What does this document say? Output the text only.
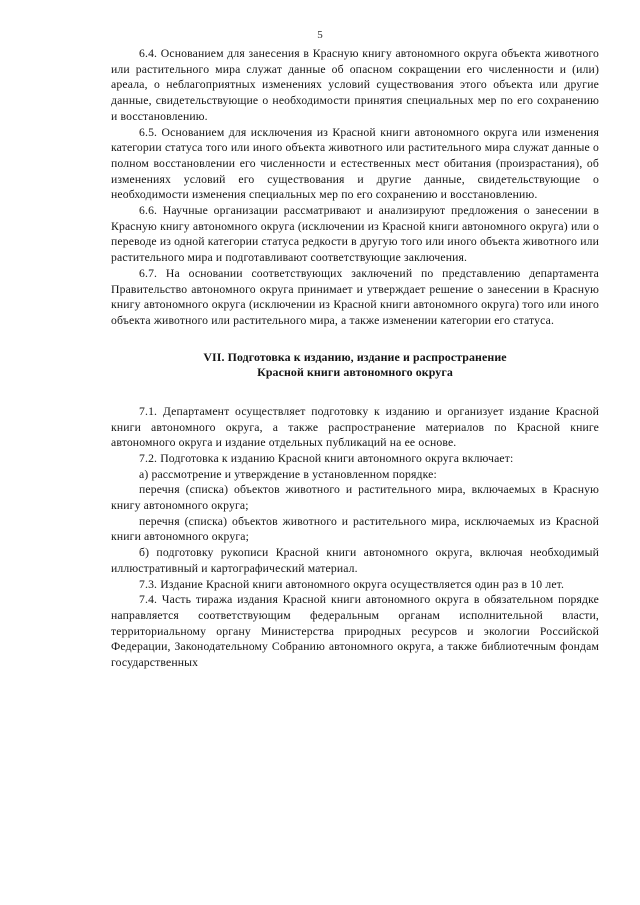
5

6.4. Основанием для занесения в Красную книгу автономного округа объекта животного или растительного мира служат данные об опасном сокращении его численности и (или) ареала, о неблагоприятных изменениях условий существования этого объекта или другие данные, свидетельствующие о необходимости принятия специальных мер по его сохранению и восстановлению.

6.5. Основанием для исключения из Красной книги автономного округа или изменения категории статуса того или иного объекта животного или растительного мира служат данные о полном восстановлении его численности и естественных мест обитания (произрастания), об изменениях условий его существования и другие данные, свидетельствующие о необходимости изменения специальных мер по его сохранению и восстановлению.

6.6. Научные организации рассматривают и анализируют предложения о занесении в Красную книгу автономного округа (исключении из Красной книги автономного округа) или о переводе из одной категории статуса редкости в другую того или иного объекта животного или растительного мира и подготавливают соответствующие заключения.

6.7. На основании соответствующих заключений по представлению департамента Правительство автономного округа принимает и утверждает решение о занесении в Красную книгу автономного округа (исключении из Красной книги автономного округа) того или иного объекта животного или растительного мира, а также изменении категории его статуса.

VII. Подготовка к изданию, издание и распространение
Красной книги автономного округа

7.1. Департамент осуществляет подготовку к изданию и организует издание Красной книги автономного округа, а также распространение материалов по Красной книге автономного округа и издание отдельных публикаций на ее основе.

7.2. Подготовка к изданию Красной книги автономного округа включает:

а) рассмотрение и утверждение в установленном порядке:

перечня (списка) объектов животного и растительного мира, включаемых в Красную книгу автономного округа;

перечня (списка) объектов животного и растительного мира, исключаемых из Красной книги автономного округа;

б) подготовку рукописи Красной книги автономного округа, включая необходимый иллюстративный и картографический материал.

7.3. Издание Красной книги автономного округа осуществляется один раз в 10 лет.

7.4. Часть тиража издания Красной книги автономного округа в обязательном порядке направляется соответствующим федеральным органам исполнительной власти, территориальному органу Министерства природных ресурсов и экологии Российской Федерации, Законодательному Собранию автономного округа, а также библиотечным фондам государственных
